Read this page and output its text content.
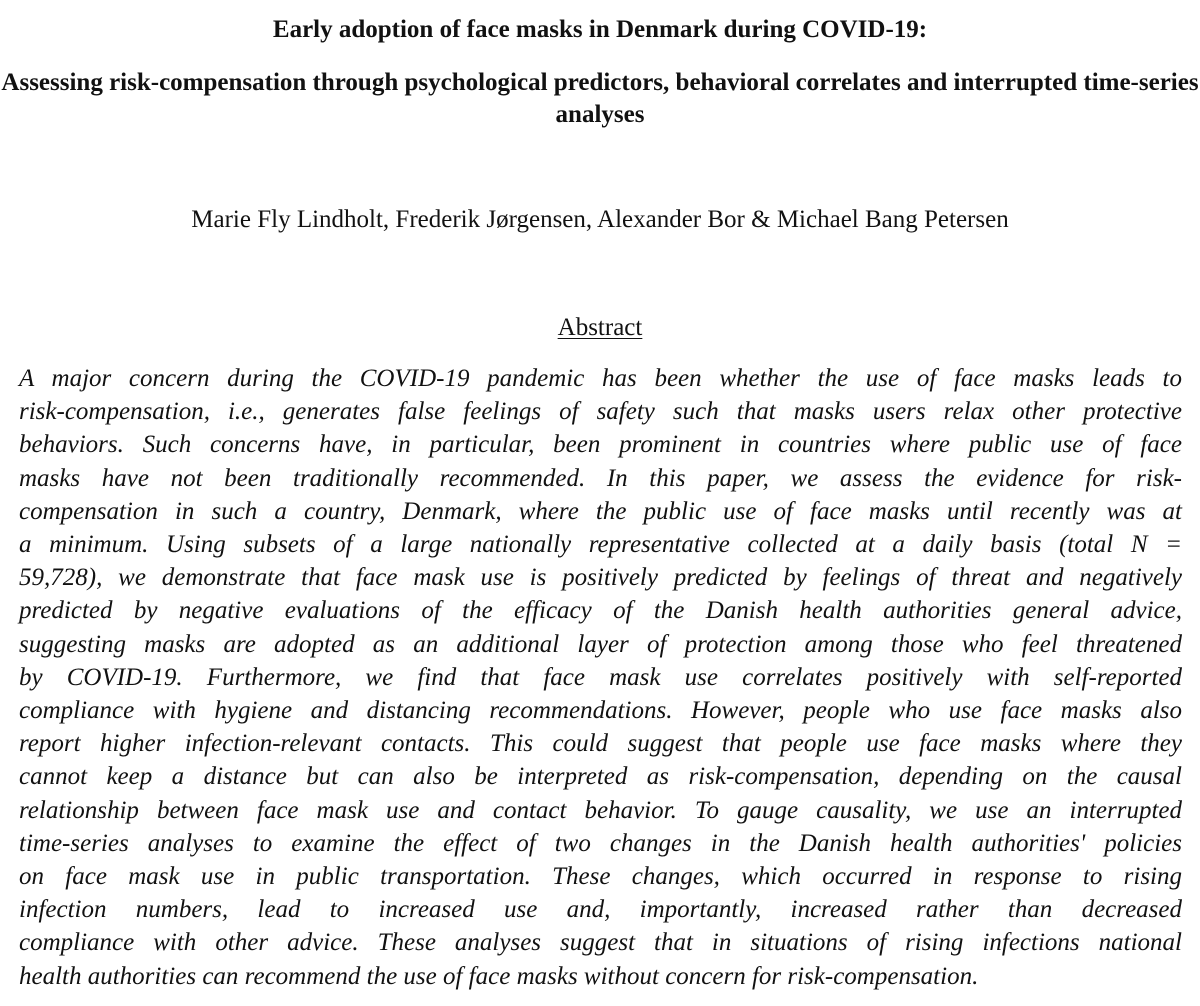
Early adoption of face masks in Denmark during COVID-19:
Assessing risk-compensation through psychological predictors, behavioral correlates and interrupted time-series analyses

Marie Fly Lindholt, Frederik Jørgensen, Alexander Bor & Michael Bang Petersen

Abstract

A major concern during the COVID-19 pandemic has been whether the use of face masks leads to
risk-compensation, i.e., generates false feelings of safety such that masks users relax other protective
behaviors. Such concerns have, in particular, been prominent in countries where public use of face
masks have not been traditionally recommended. In this paper, we assess the evidence for risk-
compensation in such a country, Denmark, where the public use of face masks until recently was at
a minimum. Using subsets of a large nationally representative collected at a daily basis (total N =
59,728), we demonstrate that face mask use is positively predicted by feelings of threat and negatively
predicted by negative evaluations of the efficacy of the Danish health authorities general advice,
suggesting masks are adopted as an additional layer of protection among those who feel threatened
by COVID-19. Furthermore, we find that face mask use correlates positively with self-reported
compliance with hygiene and distancing recommendations. However, people who use face masks also
report higher infection-relevant contacts. This could suggest that people use face masks where they
cannot keep a distance but can also be interpreted as risk-compensation, depending on the causal
relationship between face mask use and contact behavior. To gauge causality, we use an interrupted
time-series analyses to examine the effect of two changes in the Danish health authorities' policies
on face mask use in public transportation. These changes, which occurred in response to rising
infection numbers, lead to increased use and, importantly, increased rather than decreased
compliance with other advice. These analyses suggest that in situations of rising infections national
health authorities can recommend the use of face masks without concern for risk-compensation.
